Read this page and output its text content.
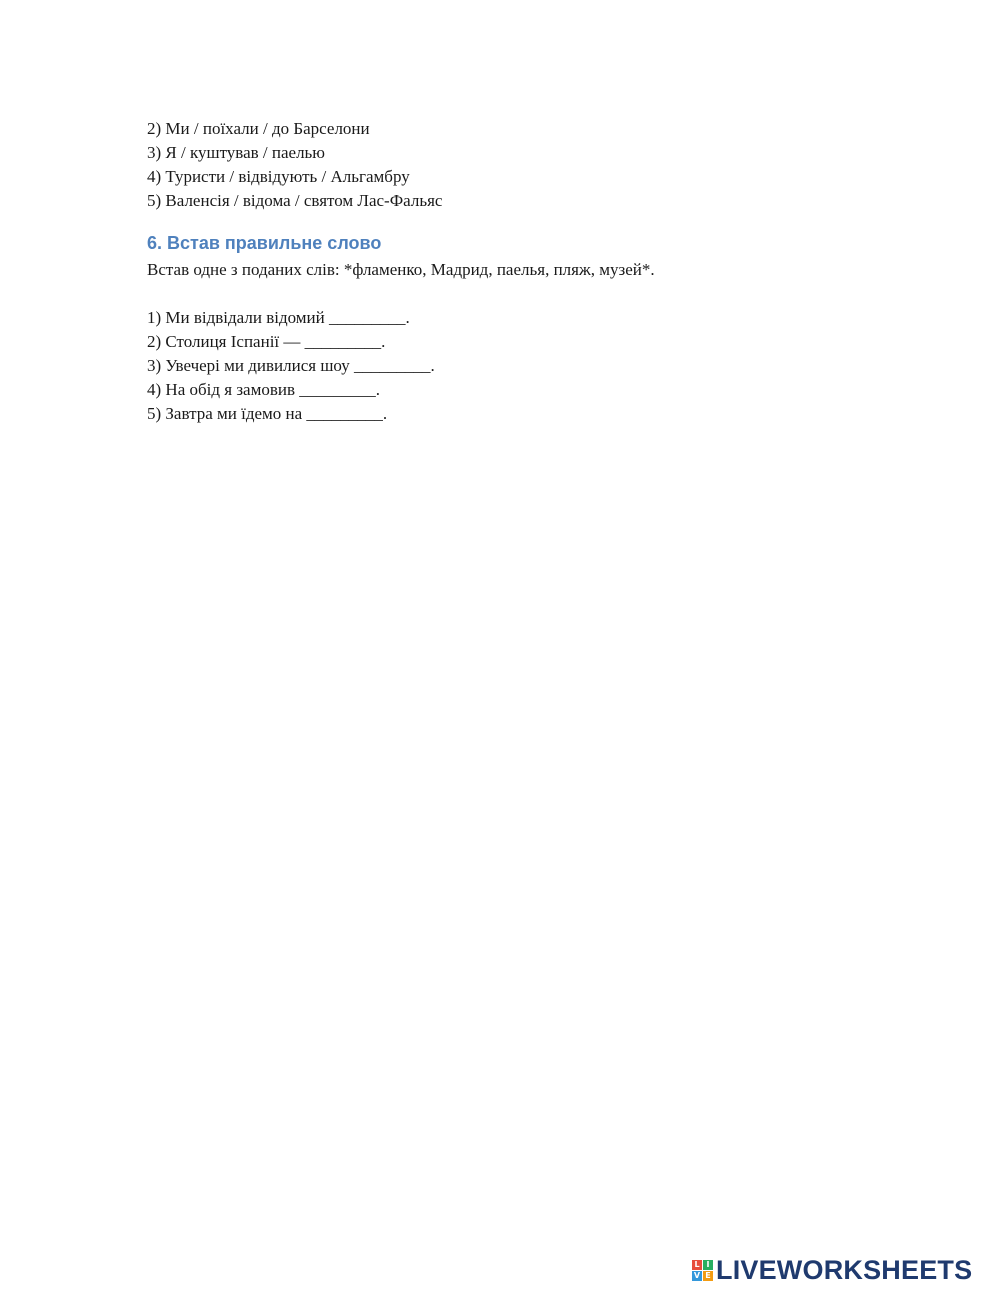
2) Ми / поїхали / до Барселони
3) Я / куштував / паелью
4) Туристи / відвідують / Альгамбру
5) Валенсія / відома / святом Лас-Фальяс
6. Встав правильне слово
Встав одне з поданих слів: *фламенко, Мадрид, паелья, пляж, музей*.
1) Ми відвідали відомий _________.
2) Столиця Іспанії — _________.
3) Увечері ми дивилися шоу _________.
4) На обід я замовив _________.
5) Завтра ми їдемо на _________.
L I
V E LIVEWORKSHEETS
